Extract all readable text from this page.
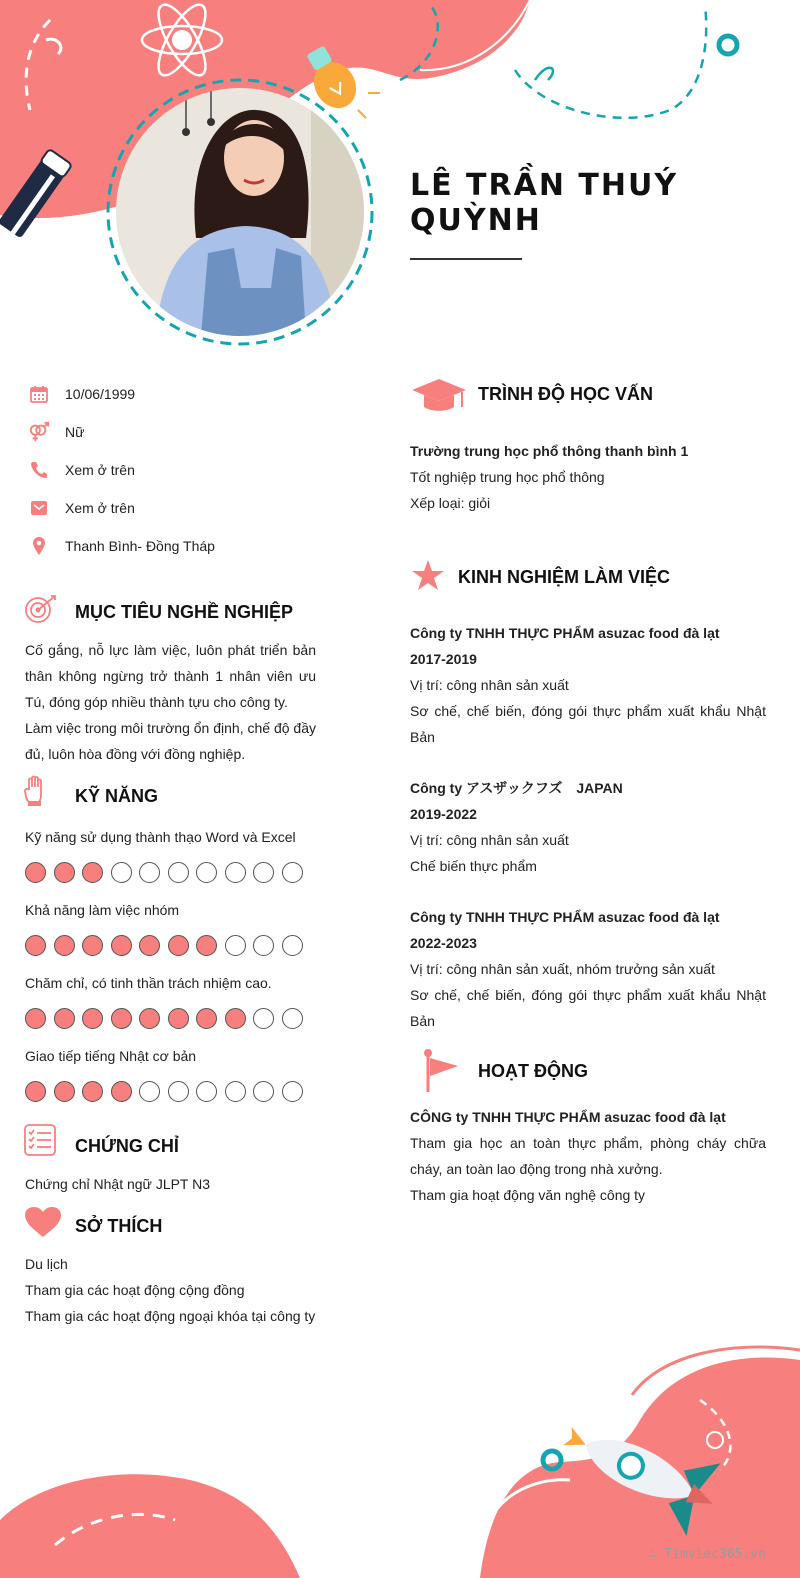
LÊ TRẦN THUÝ
QUỲNH
10/06/1999
Nữ
Xem ở trên
Xem ở trên
Thanh Bình- Đồng Tháp
MỤC TIÊU NGHỀ NGHIỆP

Cố gắng, nỗ lực làm việc, luôn phát triển bản thân không ngừng trở thành 1 nhân viên ưu Tú, đóng góp nhiều thành tựu cho công ty.

Làm việc trong môi trường ổn định, chế độ đầy đủ, luôn hòa đồng với đồng nghiệp.

KỸ NĂNG
Kỹ năng sử dụng thành thạo Word và Excel
Khả năng làm việc nhóm
Chăm chỉ, có tinh thần trách nhiệm cao.
Giao tiếp tiếng Nhật cơ bản
CHỨNG CHỈ

Chứng chỉ Nhật ngữ JLPT N3

SỞ THÍCH

Du lịch

Tham gia các hoạt động cộng đồng

Tham gia các hoạt động ngoại khóa tại công ty

TRÌNH ĐỘ HỌC VẤN

Trường trung học phổ thông thanh bình 1

Tốt nghiệp trung học phổ thông

Xếp loại: giỏi

KINH NGHIỆM LÀM VIỆC

Công ty TNHH THỰC PHẨM asuzac food đà lạt

2017-2019

Vị trí: công nhân sản xuất

Sơ chế, chế biến, đóng gói thực phẩm xuất khẩu Nhật Bản

Công ty アスザックフズ　JAPAN

2019-2022

Vị trí: công nhân sản xuất

Chế biến thực phẩm

Công ty TNHH THỰC PHẨM asuzac food đà lạt

2022-2023

Vị trí: công nhân sản xuất, nhóm trưởng sản xuất

Sơ chế, chế biến, đóng gói thực phẩm xuất khẩu Nhật Bản

HOẠT ĐỘNG

CÔNG ty TNHH THỰC PHẨM asuzac food đà lạt

Tham gia học an toàn thực phẩm, phòng cháy chữa cháy, an toàn lao động trong nhà xưởng.

Tham gia hoạt động văn nghệ công ty

∴ Timviec365.vn
